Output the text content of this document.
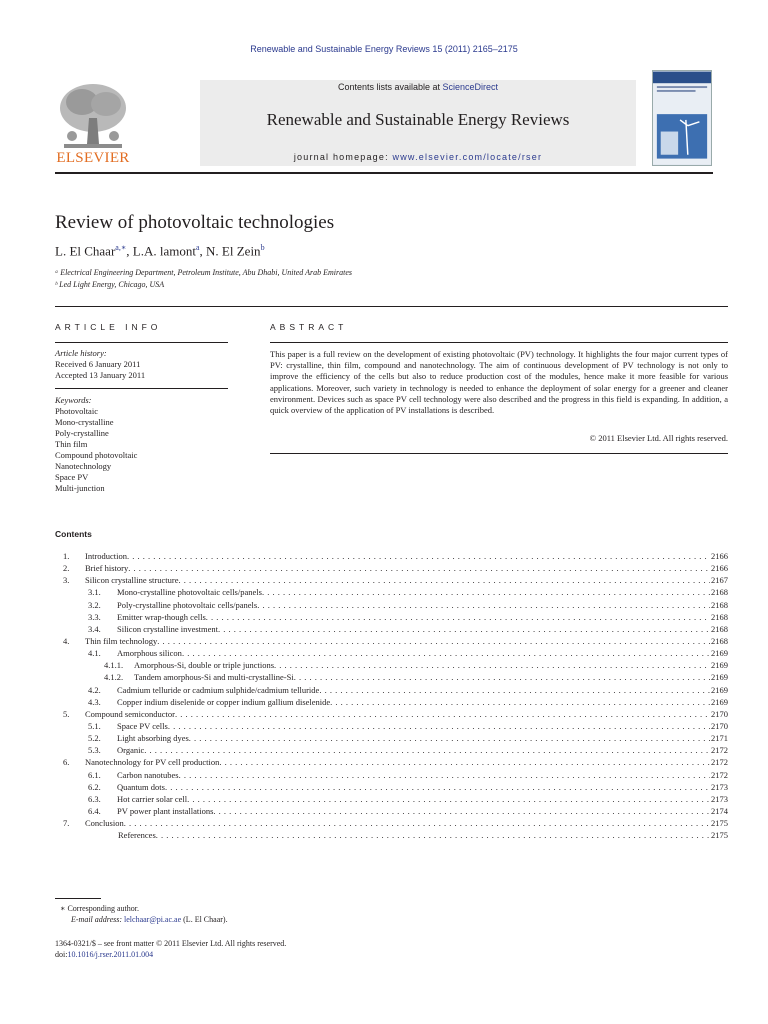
Renewable and Sustainable Energy Reviews 15 (2011) 2165–2175
Contents lists available at ScienceDirect
Renewable and Sustainable Energy Reviews
journal homepage: www.elsevier.com/locate/rser
ELSEVIER
Review of photovoltaic technologies
L. El Chaar$^{a,∗}$, L.A. lamont$^a$, N. El Zein$^b$
ᵃ Electrical Engineering Department, Petroleum Institute, Abu Dhabi, United Arab Emirates
ᵇ Led Light Energy, Chicago, USA
ARTICLE INFO
Article history:
Received 6 January 2011
Accepted 13 January 2011
Keywords:
Photovoltaic
Mono-crystalline
Poly-crystalline
Thin film
Compound photovoltaic
Nanotechnology
Space PV
Multi-junction
ABSTRACT
This paper is a full review on the development of existing photovoltaic (PV) technology. It highlights the four major current types of PV: crystalline, thin film, compound and nanotechnology. The aim of continuous development of PV technology is not only to improve the efficiency of the cells but also to reduce production cost of the modules, hence make it more feasible for various applications. Moreover, such variety in technology is needed to enhance the deployment of solar energy for a greener and cleaner environment. Devices such as space PV cell technology were also described and the progress in this field is expanding. In addition, a quick overview of the application of PV installations is described.
© 2011 Elsevier Ltd. All rights reserved.
Contents
1.	Introduction . . .	2166
2.	Brief history . . .	2166
3.	Silicon crystalline structure . . .	2167
3.1.	Mono-crystalline photovoltaic cells/panels . . .	2168
3.2.	Poly-crystalline photovoltaic cells/panels . . .	2168
3.3.	Emitter wrap-though cells . . .	2168
3.4.	Silicon crystalline investment . . .	2168
4.	Thin film technology . . .	2168
4.1.	Amorphous silicon . . .	2169
4.1.1.	Amorphous-Si, double or triple junctions . . .	2169
4.1.2.	Tandem amorphous-Si and multi-crystalline-Si . . .	2169
4.2.	Cadmium telluride or cadmium sulphide/cadmium telluride . . .	2169
4.3.	Copper indium diselenide or copper indium gallium diselenide . . .	2169
5.	Compound semiconductor . . .	2170
5.1.	Space PV cells . . .	2170
5.2.	Light absorbing dyes . . .	2171
5.3.	Organic . . .	2172
6.	Nanotechnology for PV cell production . . .	2172
6.1.	Carbon nanotubes . . .	2172
6.2.	Quantum dots . . .	2173
6.3.	Hot carrier solar cell . . .	2173
6.4.	PV power plant installations . . .	2174
7.	Conclusion . . .	2175
References . . .	2175
∗ Corresponding author.
E-mail address: lelchaar@pi.ac.ae (L. El Chaar).
1364-0321/$ – see front matter © 2011 Elsevier Ltd. All rights reserved.
doi:10.1016/j.rser.2011.01.004
